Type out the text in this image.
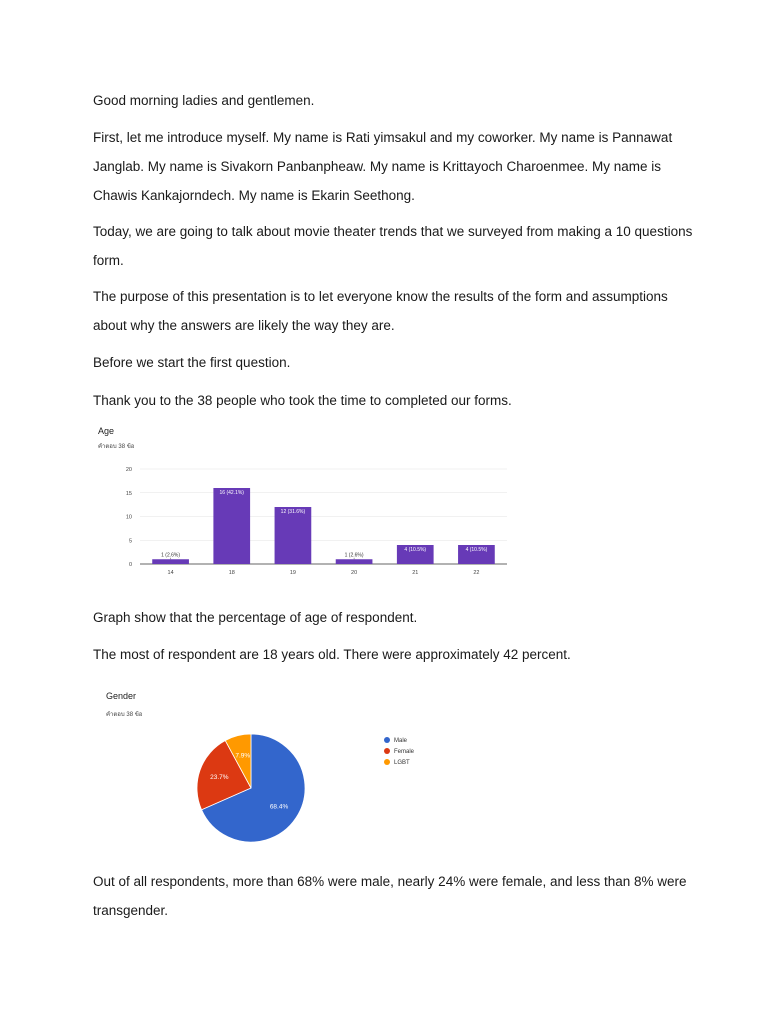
Good morning ladies and gentlemen.

First, let me introduce myself. My name is Rati yimsakul and my coworker. My name is Pannawat Janglab. My name is Sivakorn Panbanpheaw. My name is Krittayoch Charoenmee. My name is Chawis Kankajorndech. My name is Ekarin Seethong.

Today, we are going to talk about movie theater trends that we surveyed from making a 10 questions form.

The purpose of this presentation is to let everyone know the results of the form and assumptions about why the answers are likely the way they are.

Before we start the first question.

Thank you to the 38 people who took the time to completed our forms.

Age
คำตอบ 38 ข้อ
0
5
10
15
20
1 (2.6%)
14
16 (42.1%)
18
12 (31.6%)
19
1 (2.6%)
20
4 (10.5%)
21
4 (10.5%)
22

Graph show that the percentage of age of respondent.

The most of respondent are 18 years old. There were approximately 42 percent.

Gender
คำตอบ 38 ข้อ
68.4%
23.7%
7.9%
Male
Female
LGBT

Out of all respondents, more than 68% were male, nearly 24% were female, and less than 8% were transgender.
